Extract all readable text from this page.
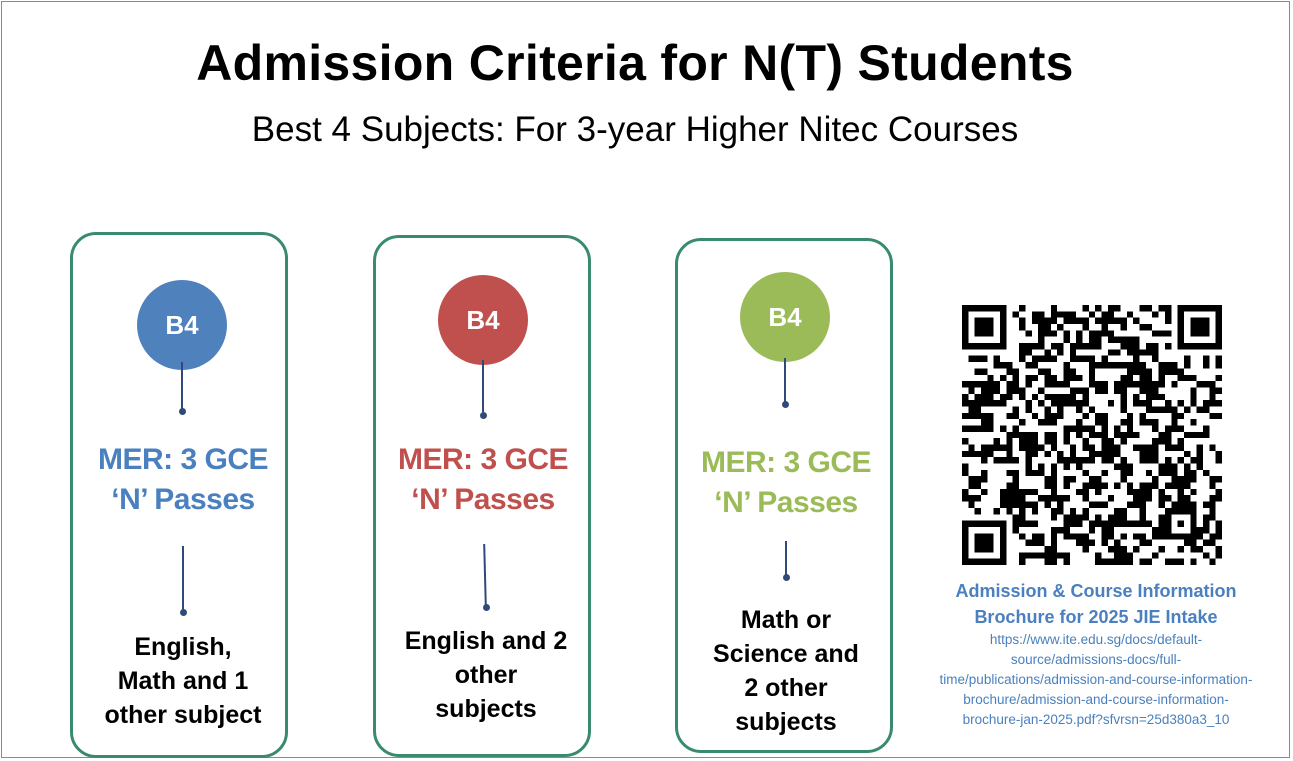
Admission Criteria for N(T) Students
Best 4 Subjects: For 3-year Higher Nitec Courses
B4
MER: 3 GCE
‘N’ Passes
English,
Math and 1
other subject
B4
MER: 3 GCE
‘N’ Passes
English and 2
other
subjects
B4
MER: 3 GCE
‘N’ Passes
Math or
Science and
2 other
subjects
Admission & Course Information
Brochure for 2025 JIE Intake
https://www.ite.edu.sg/docs/default-
source/admissions-docs/full-
time/publications/admission-and-course-information-
brochure/admission-and-course-information-
brochure-jan-2025.pdf?sfvrsn=25d380a3_10
